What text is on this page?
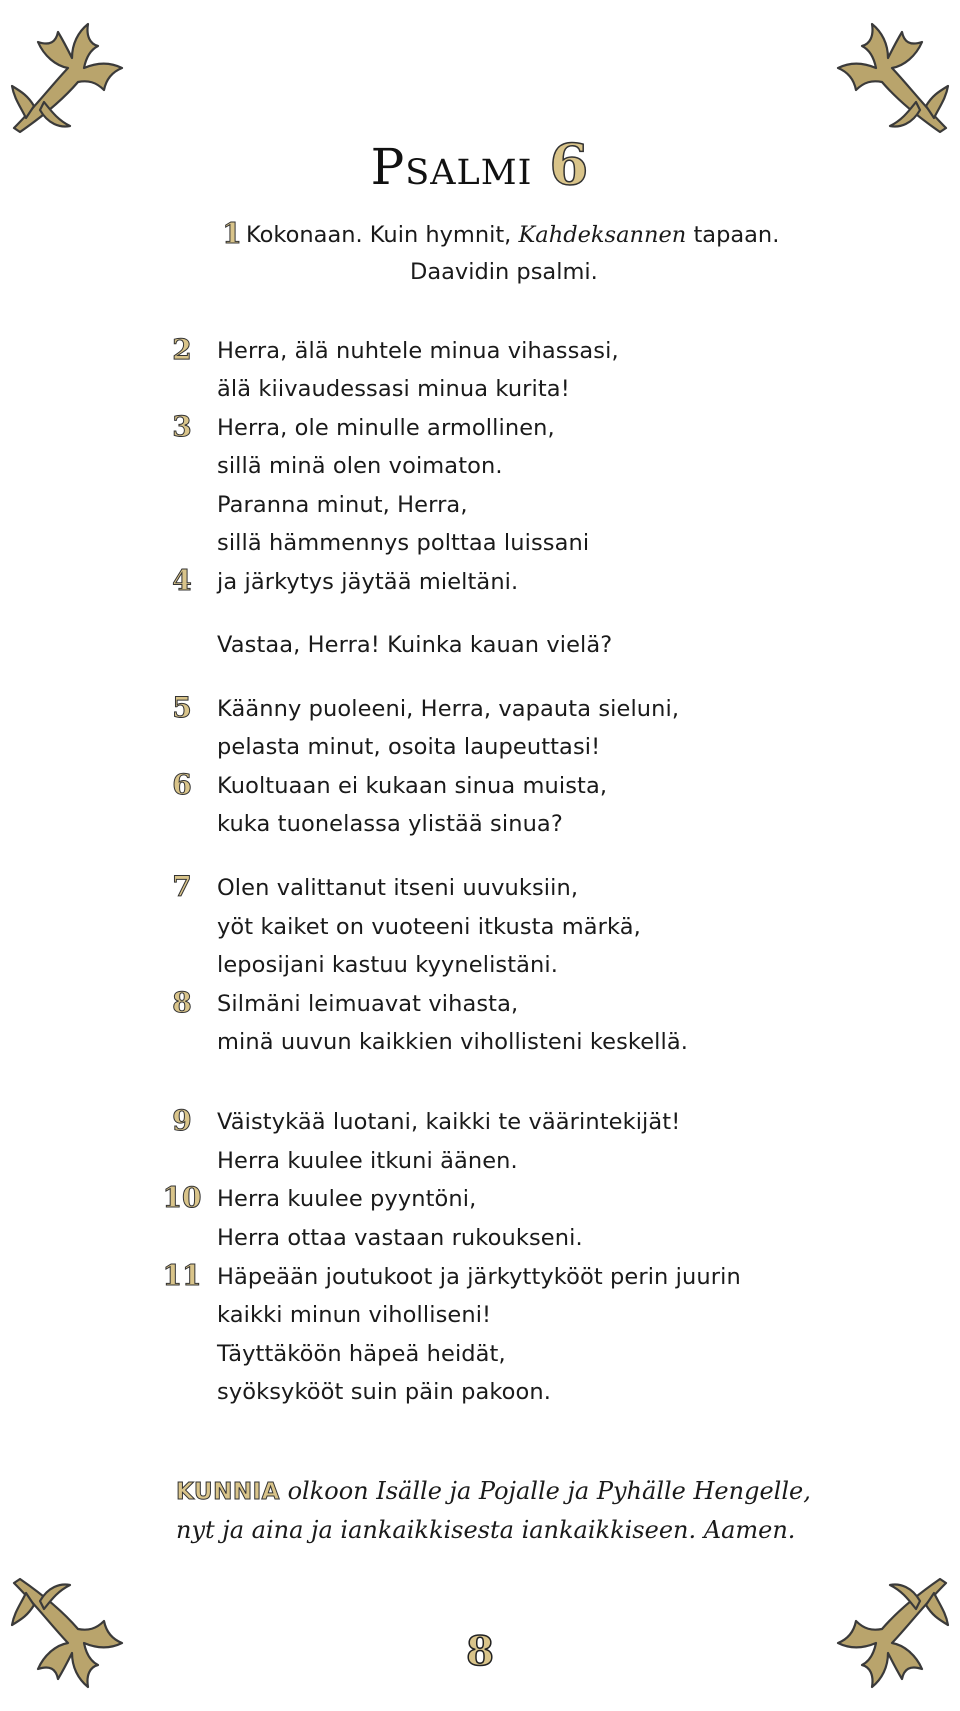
Psalmi 6
1 Kokonaan. Kuin hymnit, Kahdeksannen tapaan.
Daavidin psalmi.
2
3
4
5
6
7
8
9
10
11
Herra, älä nuhtele minua vihassasi,
älä kiivaudessasi minua kurita!
Herra, ole minulle armollinen,
sillä minä olen voimaton.
Paranna minut, Herra,
sillä hämmennys polttaa luissani
ja järkytys jäytää mieltäni.
Vastaa, Herra! Kuinka kauan vielä?
Käänny puoleeni, Herra, vapauta sieluni,
pelasta minut, osoita laupeuttasi!
Kuoltuaan ei kukaan sinua muista,
kuka tuonelassa ylistää sinua?
Olen valittanut itseni uuvuksiin,
yöt kaiket on vuoteeni itkusta märkä,
leposijani kastuu kyynelistäni.
Silmäni leimuavat vihasta,
minä uuvun kaikkien vihollisteni keskellä.
Väistykää luotani, kaikki te väärintekijät!
Herra kuulee itkuni äänen.
Herra kuulee pyyntöni,
Herra ottaa vastaan rukoukseni.
Häpeään joutukoot ja järkyttykööt perin juurin
kaikki minun viholliseni!
Täyttäköön häpeä heidät,
syöksykööt suin päin pakoon.
KUNNIA olkoon Isälle ja Pojalle ja Pyhälle Hengelle,
nyt ja aina ja iankaikkisesta iankaikkiseen. Aamen.
8
